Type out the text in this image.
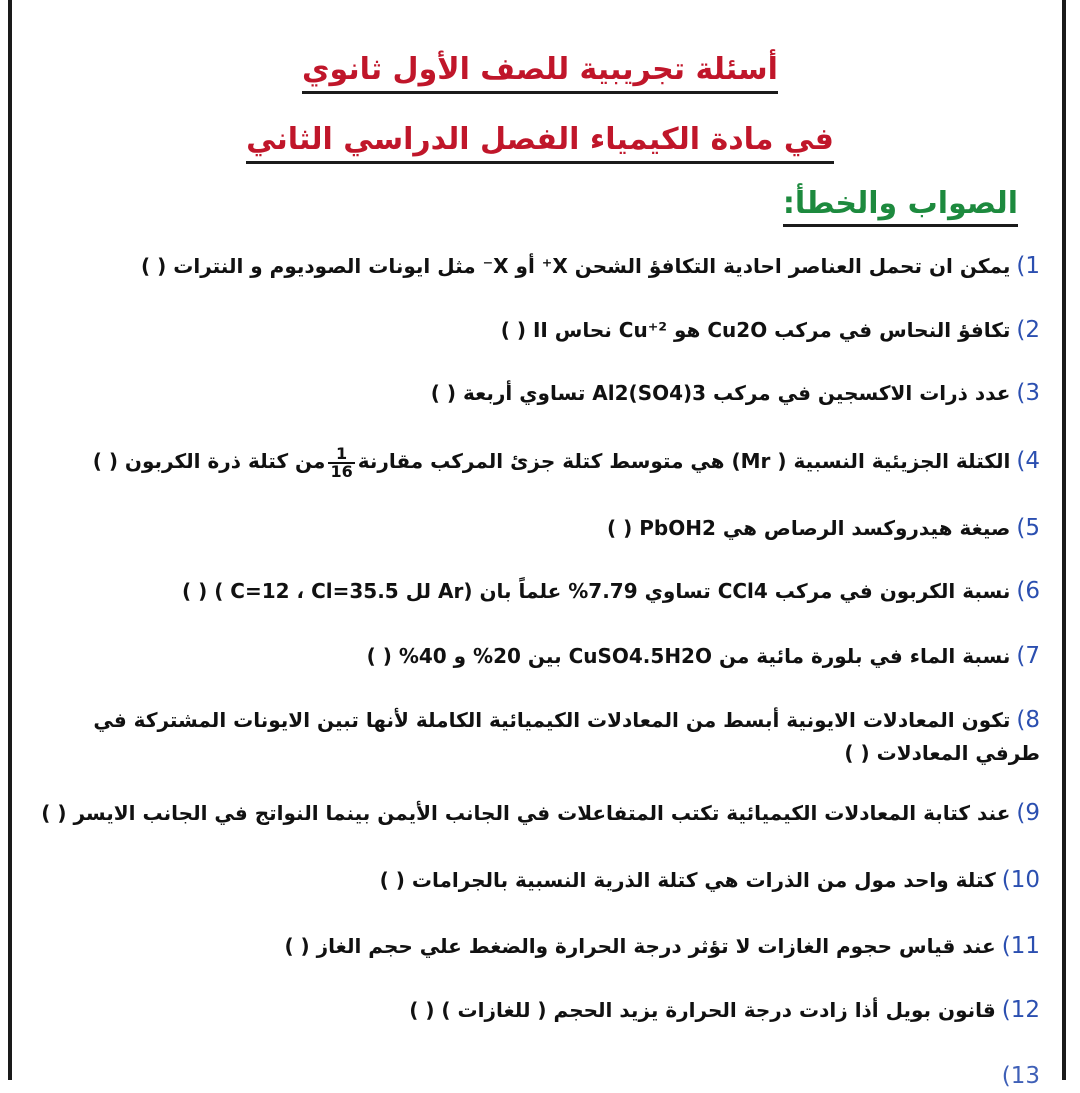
أسئلة تجريبية للصف الأول ثانوي
في مادة الكيمياء الفصل الدراسي الثاني
الصواب والخطأ:
1)يمكن ان تحمل العناصر احادية التكافؤ الشحن X⁺ أو X⁻ مثل ايونات الصوديوم و النترات ( )
2)تكافؤ النحاس في مركب Cu2O هو Cu⁺² نحاس II ( )
3)عدد ذرات الاكسجين في مركب Al2(SO4)3 تساوي أربعة ( )
4)الكتلة الجزيئية النسبية ( Mr) هي متوسط كتلة جزئ المركب مقارنة
$\frac{1}{16}$
من كتلة ذرة الكربون ( )
5)صيغة هيدروكسد الرصاص هي PbOH2 ( )
6)نسبة الكربون في مركب CCl4 تساوي 7.79% علماً بان (Ar لل C=12 ، Cl=35.5 ) ( )
7)نسبة الماء في بلورة مائية من CuSO4.5H2O بين 20% و 40% ( )
8)تكون المعادلات الايونية أبسط من المعادلات الكيميائية الكاملة لأنها تبين الايونات المشتركة في طرفي المعادلات ( )
9)عند كتابة المعادلات الكيميائية تكتب المتفاعلات في الجانب الأيمن بينما النواتج في الجانب الايسر ( )
10)كتلة واحد مول من الذرات هي كتلة الذرية النسبية بالجرامات ( )
11)عند قياس حجوم الغازات لا تؤثر درجة الحرارة والضغط علي حجم الغاز ( )
12)قانون بويل أذا زادت درجة الحرارة يزيد الحجم ( للغازات ) ( )
13)
